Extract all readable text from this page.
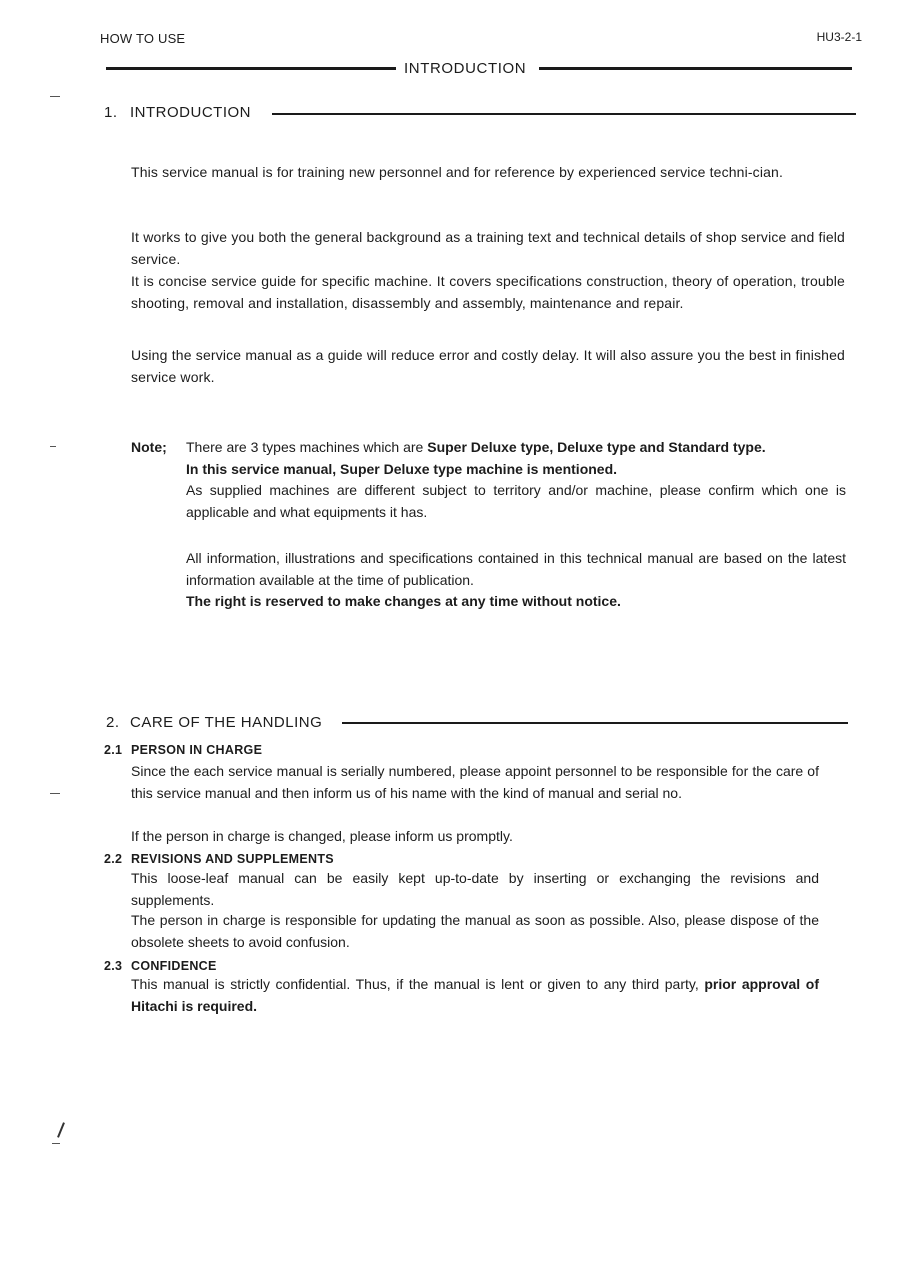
HOW TO USE	HU3-2-1
INTRODUCTION
1. INTRODUCTION
This service manual is for training new personnel and for reference by experienced service techni-cian.
It works to give you both the general background as a training text and technical details of shop service and field service.
It is concise service guide for specific machine. It covers specifications construction, theory of operation, trouble shooting, removal and installation, disassembly and assembly, maintenance and repair.
Using the service manual as a guide will reduce error and costly delay. It will also assure you the best in finished service work.
Note; There are 3 types machines which are Super Deluxe type, Deluxe type and Standard type.
In this service manual, Super Deluxe type machine is mentioned.
As supplied machines are different subject to territory and/or machine, please confirm which one is applicable and what equipments it has.
All information, illustrations and specifications contained in this technical manual are based on the latest information available at the time of publication.
The right is reserved to make changes at any time without notice.
2. CARE OF THE HANDLING
2.1 PERSON IN CHARGE
Since the each service manual is serially numbered, please appoint personnel to be responsible for the care of this service manual and then inform us of his name with the kind of manual and serial no.
If the person in charge is changed, please inform us promptly.
2.2 REVISIONS AND SUPPLEMENTS
This loose-leaf manual can be easily kept up-to-date by inserting or exchanging the revisions and supplements.
The person in charge is responsible for updating the manual as soon as possible. Also, please dispose of the obsolete sheets to avoid confusion.
2.3 CONFIDENCE
This manual is strictly confidential. Thus, if the manual is lent or given to any third party, prior approval of Hitachi is required.
